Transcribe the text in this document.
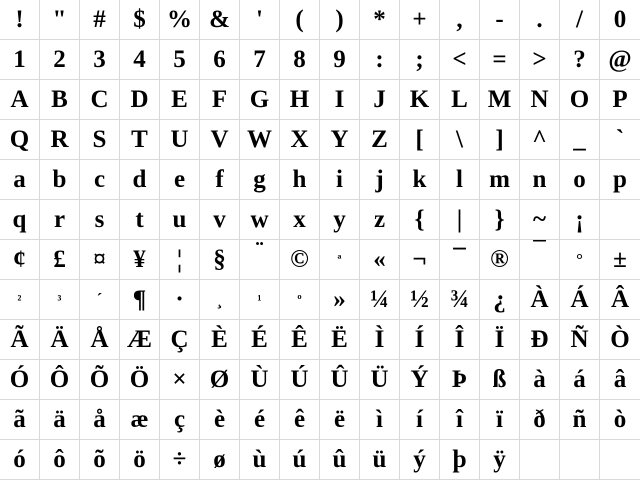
! " # $ % & ' ( ) * + , - . / 0
1 2 3 4 5 6 7 8 9 : ; < = > ? @
A B C D E F G H I J K L M N O P
Q R S T U V W X Y Z [ \ ] ^ _ `
a b c d e f g h i j k l m n o p
q r s t u v w x y z { | } ~ ¡
¢ £ ¤ ¥ ¦ § ¨ © ª « ¬ ¯ ® ¯ ° ±
²	³ ´ ¶ · ¸	¹	º » ¼ ½ ¾ ¿ À Á Â
Ã Ä Å Æ Ç È É Ê Ë Ì Í Î Ï Ð Ñ Ò
Ó Ô Õ Ö × Ø Ù Ú Û Ü Ý Þ ß à á â
ã ä å æ ç è é ê ë ì í î ï ð ñ ò
ó ô õ ö ÷ ø ù ú û ü ý þ ÿ
